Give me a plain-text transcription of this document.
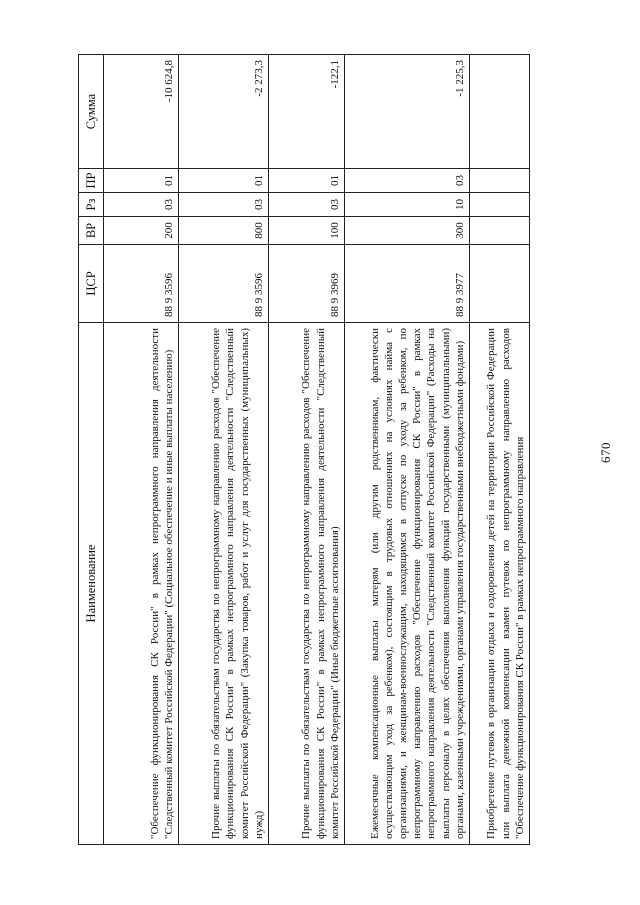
670
Наименование	ЦСР	ВР	Рз	ПР	Сумма
"Обеспечение функционирования СК России" в рамках непрограммного направления деятельности "Следственный комитет Российской Федерации" (Социальное обеспечение и иные выплаты населению)	88 9 3596	200	03	01	-10 624,8
Прочие выплаты по обязательствам государства по непрограммному направлению расходов "Обеспечение функционирования СК России" в рамках непрограммного направления деятельности "Следственный комитет Российской Федерации" (Закупка товаров, работ и услуг для государственных (муниципальных) нужд)	88 9 3596	800	03	01	-2 273,3
Прочие выплаты по обязательствам государства по непрограммному направлению расходов "Обеспечение функционирования СК России" в рамках непрограммного направления деятельности "Следственный комитет Российской Федерации" (Иные бюджетные ассигнования)	88 9 3969	100	03	01	-122,1
Ежемесячные компенсационные выплаты матерям (или другим родственникам, фактически осуществляющим уход за ребенком), состоящим в трудовых отношениях на условиях найма с организациями, и женщинам-военнослужащим, находящимся в отпуске по уходу за ребенком, по непрограммному направлению расходов "Обеспечение функционирования СК России" в рамках непрограммного направления деятельности "Следственный комитет Российской Федерации" (Расходы на выплаты персоналу в целях обеспечения выполнения функций государственными (муниципальными) органами, казенными учреждениями, органами управления государственными внебюджетными фондами)	88 9 3977	300	10	03	-1 225,3
Приобретение путевок в организации отдыха и оздоровления детей на территории Российской Федерации или выплата денежной компенсации взамен путевок по непрограммному направлению расходов "Обеспечение функционирования СК России" в рамках непрограммного направления					
